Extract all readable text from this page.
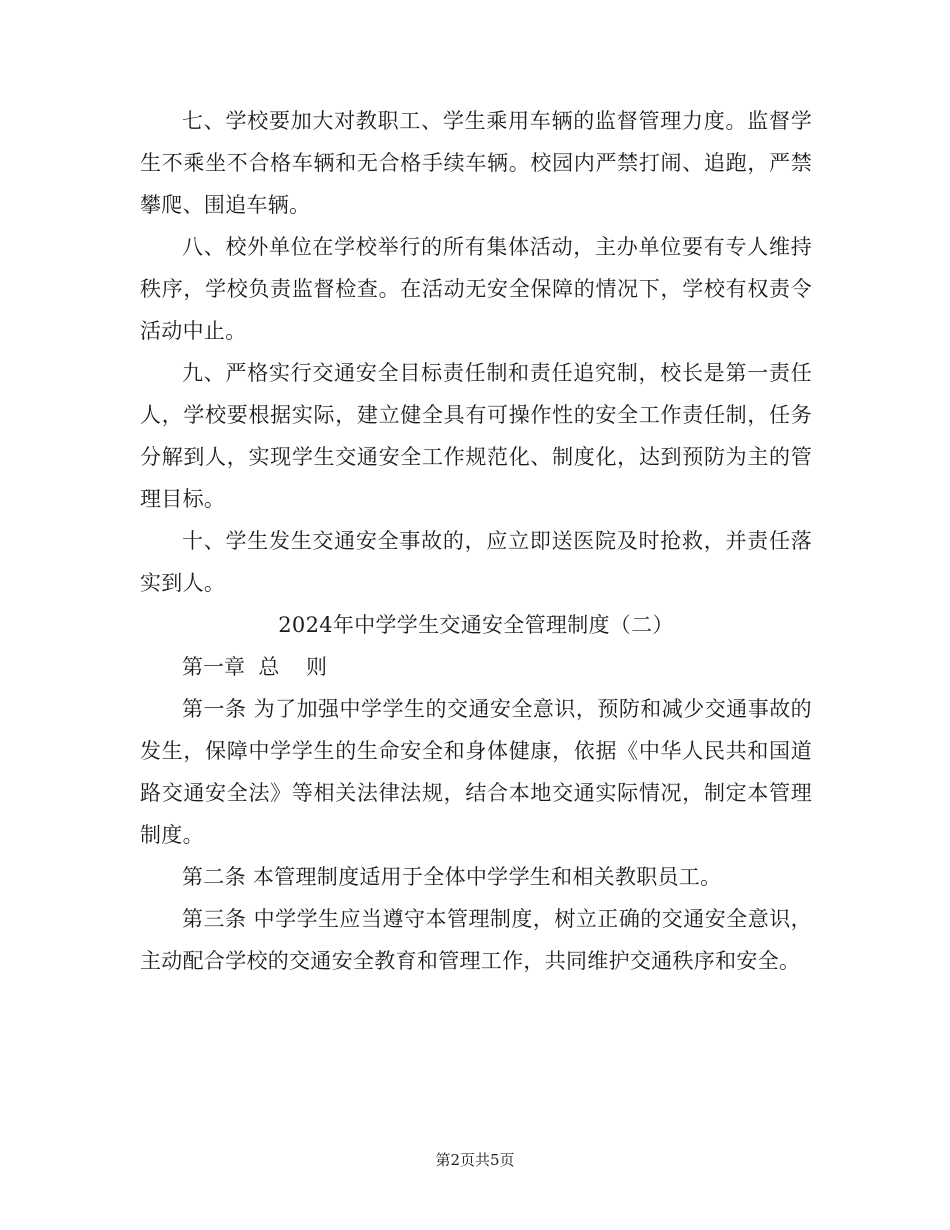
七、学校要加大对教职工、学生乘用车辆的监督管理力度。监督学生不乘坐不合格车辆和无合格手续车辆。校园内严禁打闹、追跑，严禁攀爬、围追车辆。

八、校外单位在学校举行的所有集体活动，主办单位要有专人维持秩序，学校负责监督检查。在活动无安全保障的情况下，学校有权责令活动中止。

九、严格实行交通安全目标责任制和责任追究制，校长是第一责任人，学校要根据实际，建立健全具有可操作性的安全工作责任制，任务分解到人，实现学生交通安全工作规范化、制度化，达到预防为主的管理目标。

十、学生发生交通安全事故的，应立即送医院及时抢救，并责任落实到人。

2024年中学学生交通安全管理制度（二）

第一章  总    则

第一条 为了加强中学学生的交通安全意识，预防和减少交通事故的发生，保障中学学生的生命安全和身体健康，依据《中华人民共和国道路交通安全法》等相关法律法规，结合本地交通实际情况，制定本管理制度。

第二条 本管理制度适用于全体中学学生和相关教职员工。

第三条 中学学生应当遵守本管理制度，树立正确的交通安全意识，主动配合学校的交通安全教育和管理工作，共同维护交通秩序和安全。

第2页共5页
